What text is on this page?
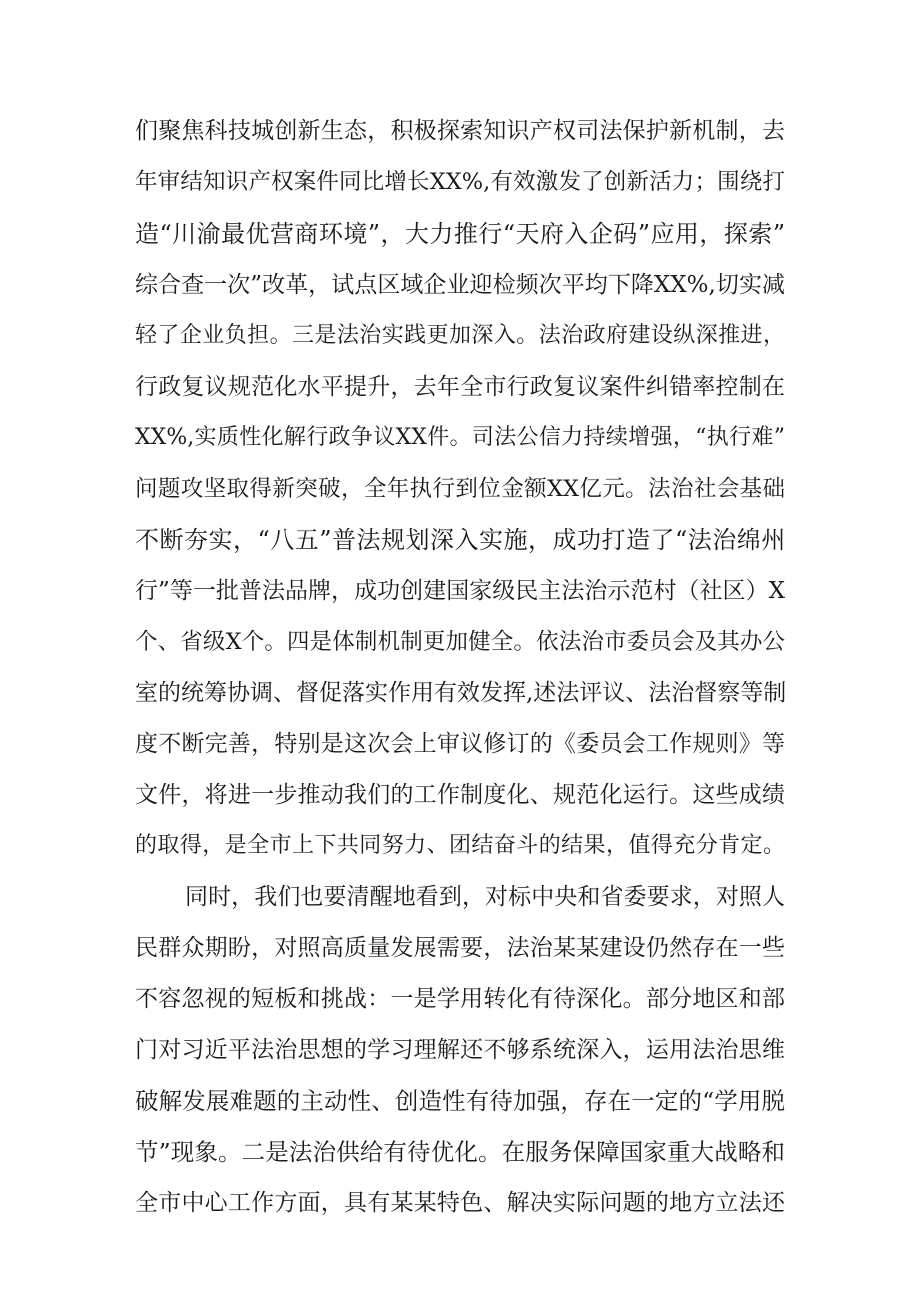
们聚焦科技城创新生态，积极探索知识产权司法保护新机制，去
年审结知识产权案件同比增长XX%,有效激发了创新活力；围绕打
造“川渝最优营商环境”，大力推行“天府入企码”应用，探索”
综合查一次”改革，试点区域企业迎检频次平均下降XX%,切实减
轻了企业负担。三是法治实践更加深入。法治政府建设纵深推进，
行政复议规范化水平提升，去年全市行政复议案件纠错率控制在
XX%,实质性化解行政争议XX件。司法公信力持续增强，“执行难”
问题攻坚取得新突破，全年执行到位金额XX亿元。法治社会基础
不断夯实，“八五”普法规划深入实施，成功打造了“法治绵州
行”等一批普法品牌，成功创建国家级民主法治示范村（社区）X
个、省级X个。四是体制机制更加健全。依法治市委员会及其办公
室的统筹协调、督促落实作用有效发挥,述法评议、法治督察等制
度不断完善，特别是这次会上审议修订的《委员会工作规则》等
文件，将进一步推动我们的工作制度化、规范化运行。这些成绩
的取得，是全市上下共同努力、团结奋斗的结果，值得充分肯定。
同时，我们也要清醒地看到，对标中央和省委要求，对照人
民群众期盼，对照高质量发展需要，法治某某建设仍然存在一些
不容忽视的短板和挑战：一是学用转化有待深化。部分地区和部
门对习近平法治思想的学习理解还不够系统深入，运用法治思维
破解发展难题的主动性、创造性有待加强，存在一定的“学用脱
节”现象。二是法治供给有待优化。在服务保障国家重大战略和
全市中心工作方面，具有某某特色、解决实际问题的地方立法还
